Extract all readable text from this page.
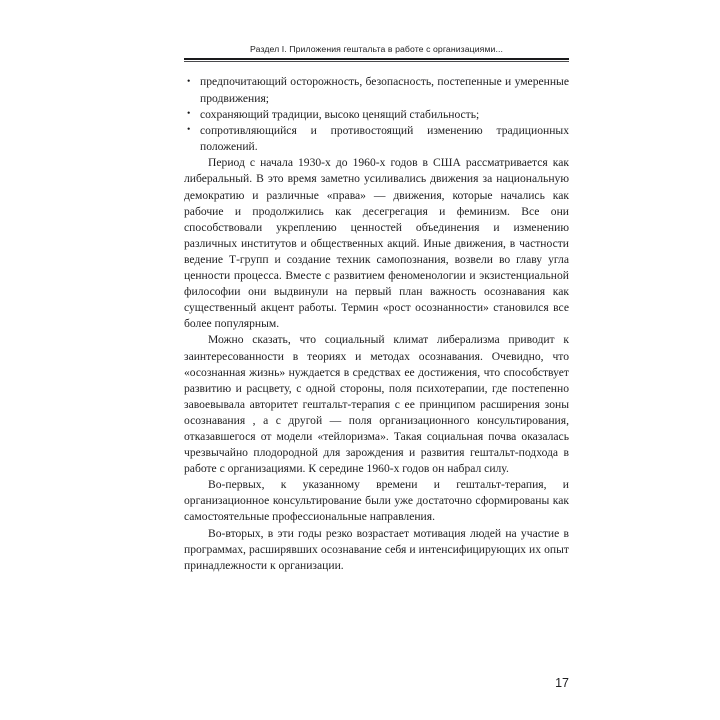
Раздел I. Приложения гештальта в работе с организациями...
• предпочитающий осторожность, безопасность, постепенные и умеренные продвижения;
• сохраняющий традиции, высоко ценящий стабильность;
• сопротивляющийся и противостоящий изменению традиционных положений.

Период с начала 1930-х до 1960-х годов в США рассматривается как либеральный. В это время заметно усиливались движения за национальную демократию и различные «права» — движения, которые начались как рабочие и продолжились как десегрегация и феминизм. Все они способствовали укреплению ценностей объединения и изменению различных институтов и общественных акций. Иные движения, в частности ведение Т-групп и создание техник самопознания, возвели во главу угла ценности процесса. Вместе с развитием феноменологии и экзистенциальной философии они выдвинули на первый план важность осознавания как существенный акцент работы. Термин «рост осознанности» становился все более популярным.

Можно сказать, что социальный климат либерализма приводит к заинтересованности в теориях и методах осознавания. Очевидно, что «осознанная жизнь» нуждается в средствах ее достижения, что способствует развитию и расцвету, с одной стороны, поля психотерапии, где постепенно завоевывала авторитет гештальт-терапия с ее принципом расширения зоны осознавания , а с другой — поля организационного консультирования, отказавшегося от модели «тейлоризма». Такая социальная почва оказалась чрезвычайно плодородной для зарождения и развития гештальт-подхода в работе с организациями. К середине 1960-х годов он набрал силу.

Во-первых, к указанному времени и гештальт-терапия, и организационное консультирование были уже достаточно сформированы как самостоятельные профессиональные направления.

Во-вторых, в эти годы резко возрастает мотивация людей на участие в программах, расширявших осознавание себя и интенсифицирующих их опыт принадлежности к организации.

17
